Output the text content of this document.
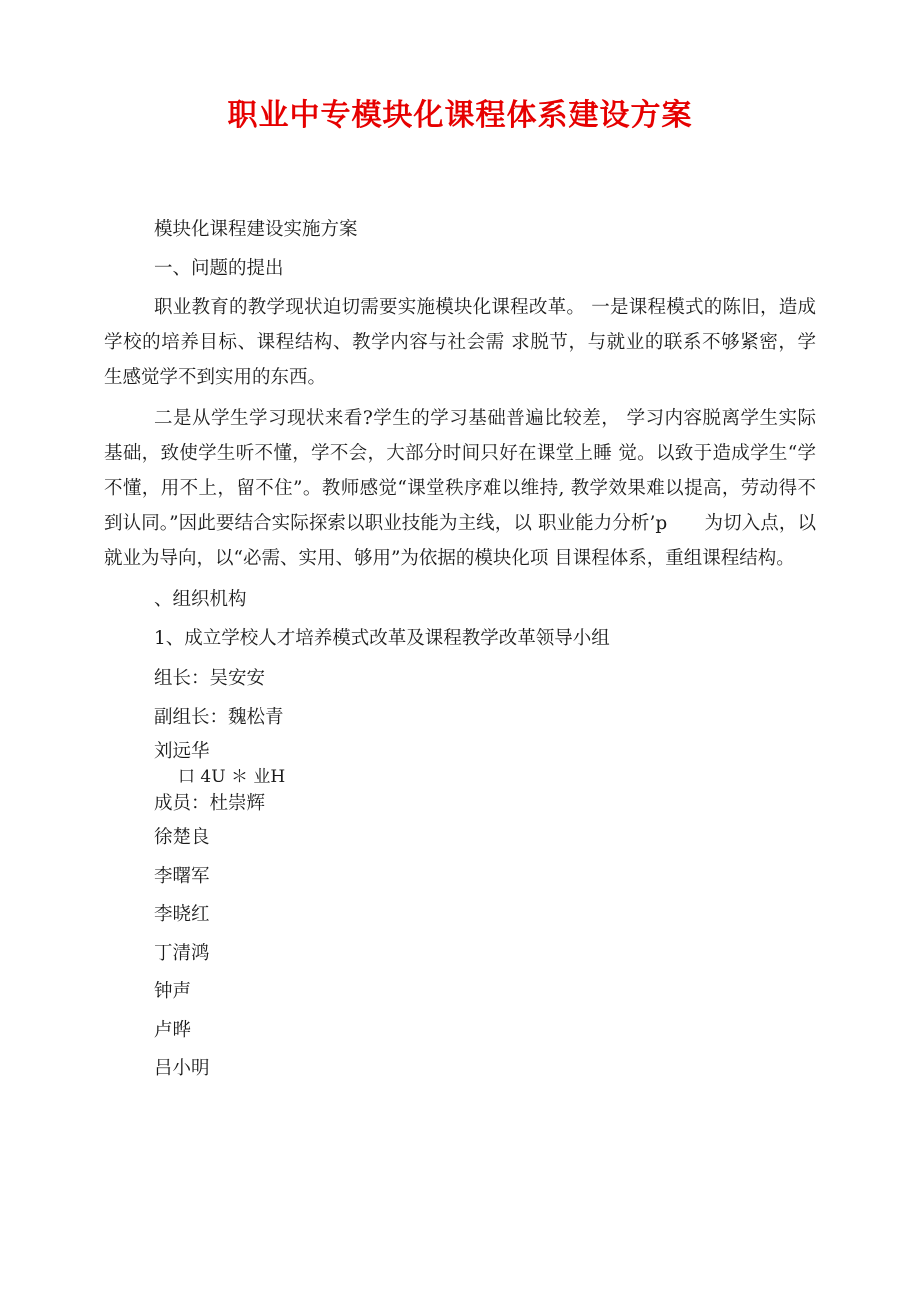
职业中专模块化课程体系建设方案

模块化课程建设实施方案

一、问题的提出

职业教育的教学现状迫切需要实施模块化课程改革。 一是课程模式的陈旧，造成 学校的培养目标、课程结构、教学内容与社会需 求脱节，与就业的联系不够紧密，学 生感觉学不到实用的东西。

二是从学生学习现状来看?学生的学习基础普遍比较差， 学习内容脱离学生实际基础，致使学生听不懂，学不会，大部分时间只好在课堂上睡 觉。以致于造成学生“学不懂，用不上，留不住”。教师感觉“课堂秩序难以维持, 教学效果难以提高，劳动得不到认同。”因此要结合实际探索以职业技能为主线，以 职业能力分析’p　　为切入点，以就业为导向，以“必需、实用、够用”为依据的模块化项 目课程体系，重组课程结构。

、组织机构

1、成立学校人才培养模式改革及课程教学改革领导小组

组长：吴安安

副组长：魏松青

刘远华

口 4U ＊ 业H

成员：杜崇辉

徐楚良

李曙军

李晓红

丁清鸿

钟声

卢晔

吕小明
